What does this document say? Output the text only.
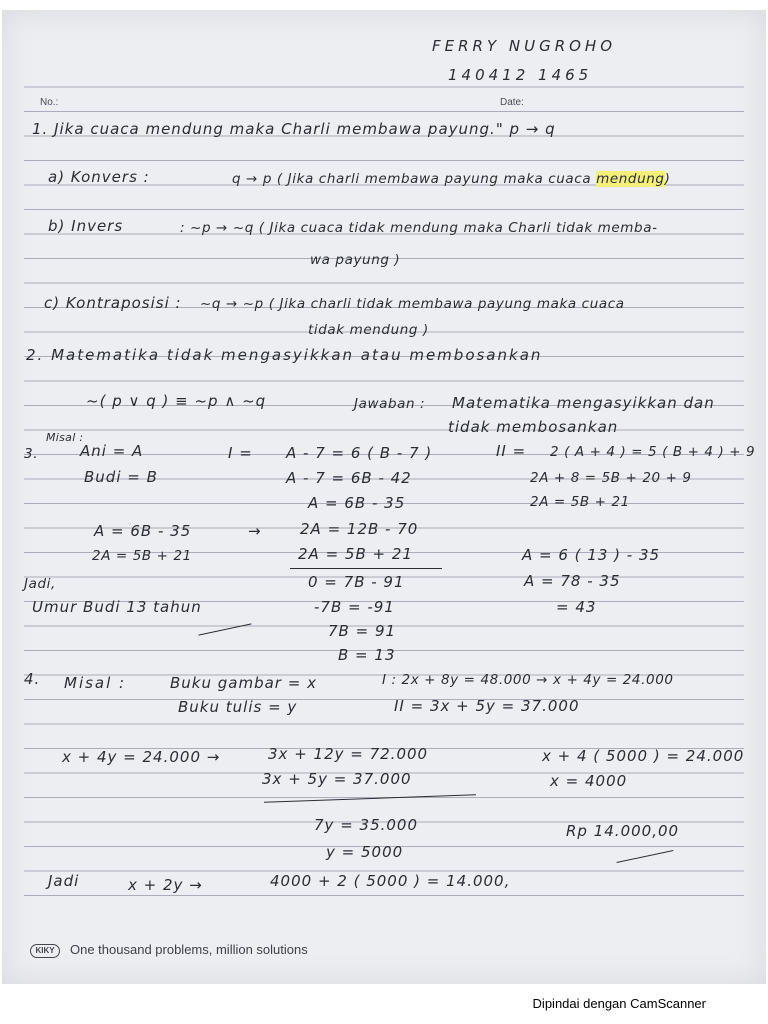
FERRY NUGROHO
140412 1465
No.:	Date:
1. Jika cuaca mendung maka Charli membawa payung." p → q
a) Konvers :	q → p ( Jika charli membawa payung maka cuaca mendung)
b) Invers	: ~p → ~q ( Jika cuaca tidak mendung maka Charli tidak memba-
wa payung )
c) Kontraposisi : ~q → ~p ( Jika charli tidak membawa payung maka cuaca
tidak mendung )
2. Matematika tidak mengasyikkan atau membosankan
~( p ∨ q ) ≡ ~p ∧ ~q	Jawaban : Matematika mengasyikkan dan
tidak membosankan
Misal :
3.	Ani = A
Budi = B
I = A - 7 = 6 ( B - 7 )
A - 7 = 6B - 42
A = 6B - 35
II = 2 ( A + 4 ) = 5 ( B + 4 ) + 9
2A + 8 = 5B + 20 + 9
2A = 5B + 21
A = 6B - 35	→	2A = 12B - 70
2A = 5B + 21	2A = 5B + 21
0 = 7B - 91
-7B = -91
7B = 91
B = 13
A = 6 ( 13 ) - 35
A = 78 - 35
= 43
Jadi,
Umur Budi 13 tahun
4. Misal :	Buku gambar = x
Buku tulis = y
I : 2x + 8y = 48.000 → x + 4y = 24.000
II = 3x + 5y = 37.000
x + 4y = 24.000 →	3x + 12y = 72.000
3x + 5y = 37.000
7y = 35.000
y = 5000
x + 4 ( 5000 ) = 24.000
x = 4000
Rp 14.000,00
Jadi	x + 2y →	4000 + 2 ( 5000 ) = 14.000,
KIKY	One thousand problems, million solutions
Dipindai dengan CamScanner
